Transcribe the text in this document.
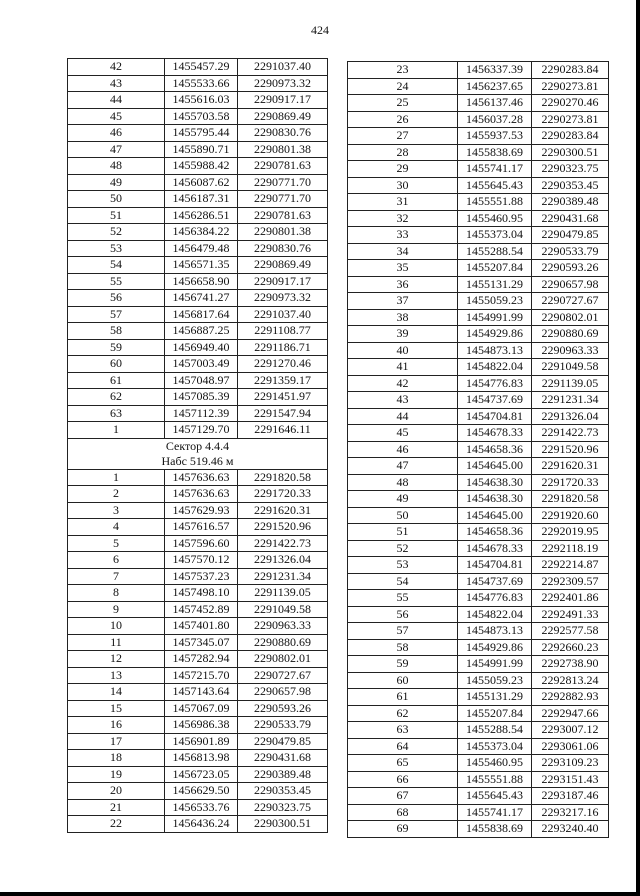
424
42	1455457.29	2291037.40
43	1455533.66	2290973.32
44	1455616.03	2290917.17
45	1455703.58	2290869.49
46	1455795.44	2290830.76
47	1455890.71	2290801.38
48	1455988.42	2290781.63
49	1456087.62	2290771.70
50	1456187.31	2290771.70
51	1456286.51	2290781.63
52	1456384.22	2290801.38
53	1456479.48	2290830.76
54	1456571.35	2290869.49
55	1456658.90	2290917.17
56	1456741.27	2290973.32
57	1456817.64	2291037.40
58	1456887.25	2291108.77
59	1456949.40	2291186.71
60	1457003.49	2291270.46
61	1457048.97	2291359.17
62	1457085.39	2291451.97
63	1457112.39	2291547.94
1	1457129.70	2291646.11

Сектор 4.4.4
Набс 519.46 м		

1	1457636.63	2291820.58
2	1457636.63	2291720.33
3	1457629.93	2291620.31
4	1457616.57	2291520.96
5	1457596.60	2291422.73
6	1457570.12	2291326.04
7	1457537.23	2291231.34
8	1457498.10	2291139.05
9	1457452.89	2291049.58
10	1457401.80	2290963.33
11	1457345.07	2290880.69
12	1457282.94	2290802.01
13	1457215.70	2290727.67
14	1457143.64	2290657.98
15	1457067.09	2290593.26
16	1456986.38	2290533.79
17	1456901.89	2290479.85
18	1456813.98	2290431.68
19	1456723.05	2290389.48
20	1456629.50	2290353.45
21	1456533.76	2290323.75
22	1456436.24	2290300.51
23	1456337.39	2290283.84
24	1456237.65	2290273.81
25	1456137.46	2290270.46
26	1456037.28	2290273.81
27	1455937.53	2290283.84
28	1455838.69	2290300.51
29	1455741.17	2290323.75
30	1455645.43	2290353.45
31	1455551.88	2290389.48
32	1455460.95	2290431.68
33	1455373.04	2290479.85
34	1455288.54	2290533.79
35	1455207.84	2290593.26
36	1455131.29	2290657.98
37	1455059.23	2290727.67
38	1454991.99	2290802.01
39	1454929.86	2290880.69
40	1454873.13	2290963.33
41	1454822.04	2291049.58
42	1454776.83	2291139.05
43	1454737.69	2291231.34
44	1454704.81	2291326.04
45	1454678.33	2291422.73
46	1454658.36	2291520.96
47	1454645.00	2291620.31
48	1454638.30	2291720.33
49	1454638.30	2291820.58
50	1454645.00	2291920.60
51	1454658.36	2292019.95
52	1454678.33	2292118.19
53	1454704.81	2292214.87
54	1454737.69	2292309.57
55	1454776.83	2292401.86
56	1454822.04	2292491.33
57	1454873.13	2292577.58
58	1454929.86	2292660.23
59	1454991.99	2292738.90
60	1455059.23	2292813.24
61	1455131.29	2292882.93
62	1455207.84	2292947.66
63	1455288.54	2293007.12
64	1455373.04	2293061.06
65	1455460.95	2293109.23
66	1455551.88	2293151.43
67	1455645.43	2293187.46
68	1455741.17	2293217.16
69	1455838.69	2293240.40
